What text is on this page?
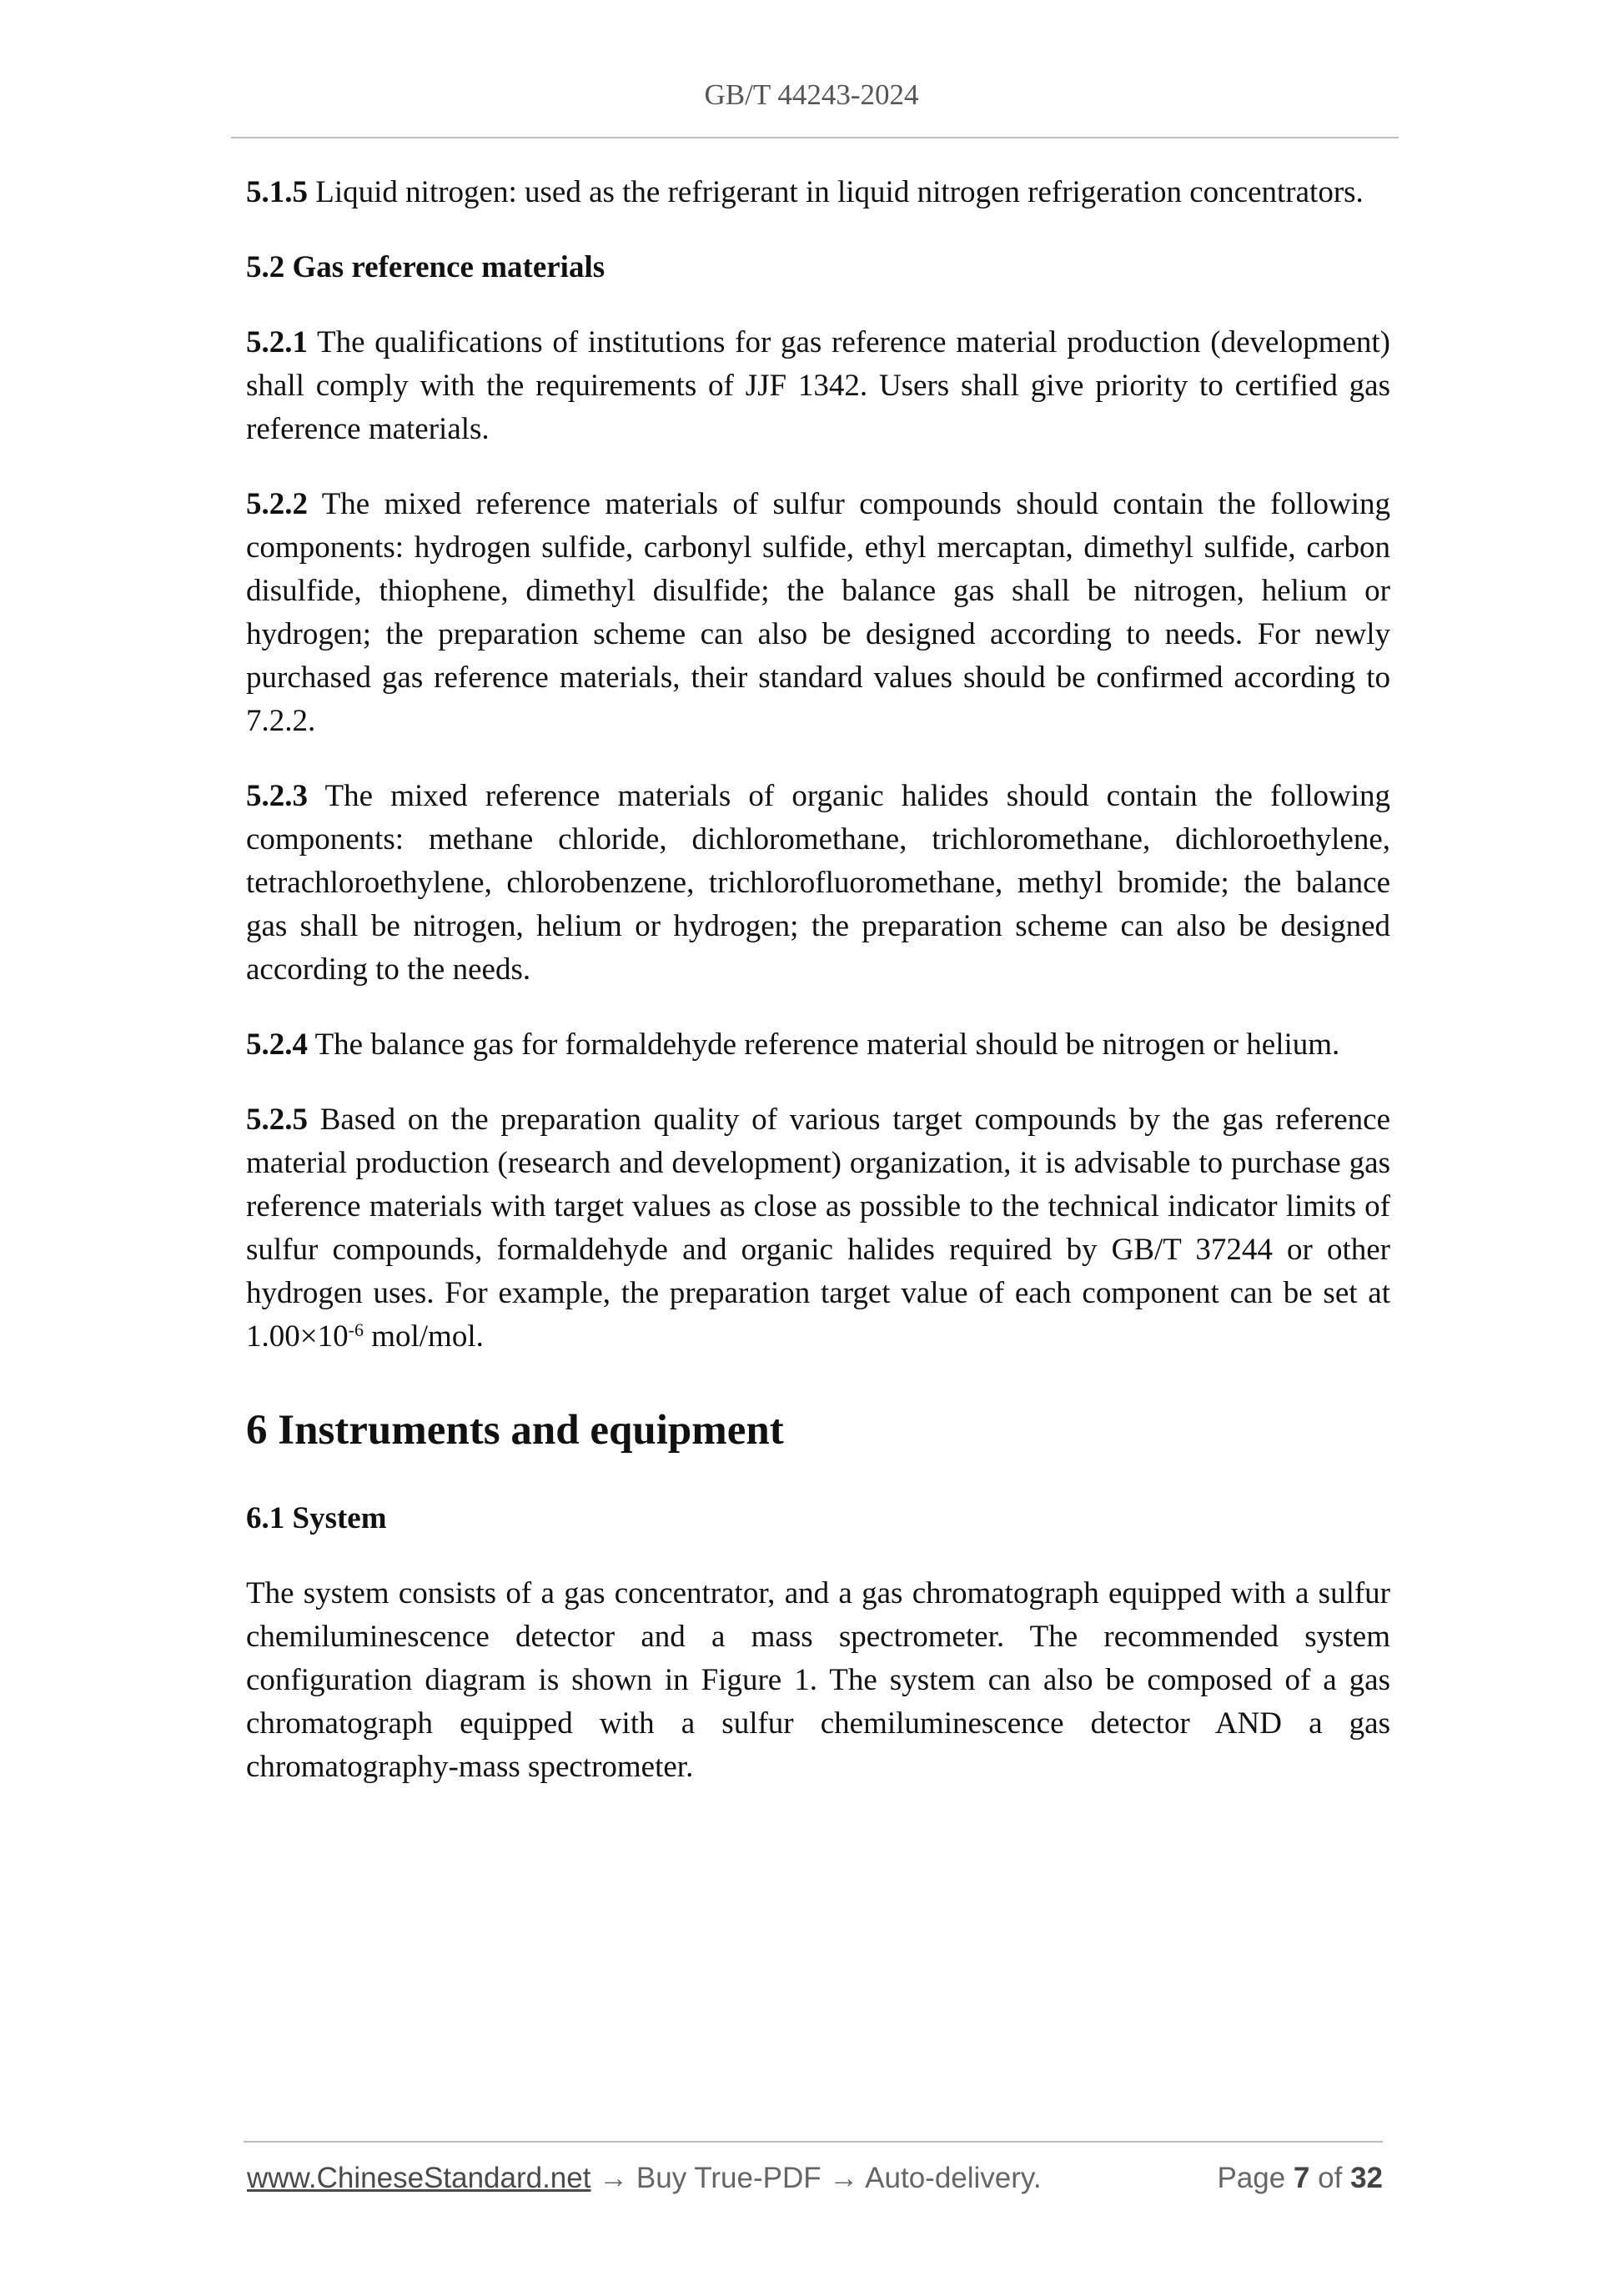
GB/T 44243-2024

5.1.5 Liquid nitrogen: used as the refrigerant in liquid nitrogen refrigeration concentrators.

5.2 Gas reference materials

5.2.1 The qualifications of institutions for gas reference material production (development) shall comply with the requirements of JJF 1342. Users shall give priority to certified gas reference materials.

5.2.2 The mixed reference materials of sulfur compounds should contain the following components: hydrogen sulfide, carbonyl sulfide, ethyl mercaptan, dimethyl sulfide, carbon disulfide, thiophene, dimethyl disulfide; the balance gas shall be nitrogen, helium or hydrogen; the preparation scheme can also be designed according to needs. For newly purchased gas reference materials, their standard values should be confirmed according to 7.2.2.

5.2.3 The mixed reference materials of organic halides should contain the following components: methane chloride, dichloromethane, trichloromethane, dichloroethylene, tetrachloroethylene, chlorobenzene, trichlorofluoromethane, methyl bromide; the balance gas shall be nitrogen, helium or hydrogen; the preparation scheme can also be designed according to the needs.

5.2.4 The balance gas for formaldehyde reference material should be nitrogen or helium.

5.2.5 Based on the preparation quality of various target compounds by the gas reference material production (research and development) organization, it is advisable to purchase gas reference materials with target values as close as possible to the technical indicator limits of sulfur compounds, formaldehyde and organic halides required by GB/T 37244 or other hydrogen uses. For example, the preparation target value of each component can be set at $1.00\times 10^{-6}$ mol/mol.

6 Instruments and equipment
6.1 System

The system consists of a gas concentrator, and a gas chromatograph equipped with a sulfur chemiluminescence detector and a mass spectrometer. The recommended system configuration diagram is shown in Figure 1. The system can also be composed of a gas chromatograph equipped with a sulfur chemiluminescence detector AND a gas chromatography-mass spectrometer.

www.ChineseStandard.net → Buy True-PDF → Auto-delivery.	Page 7 of 32
